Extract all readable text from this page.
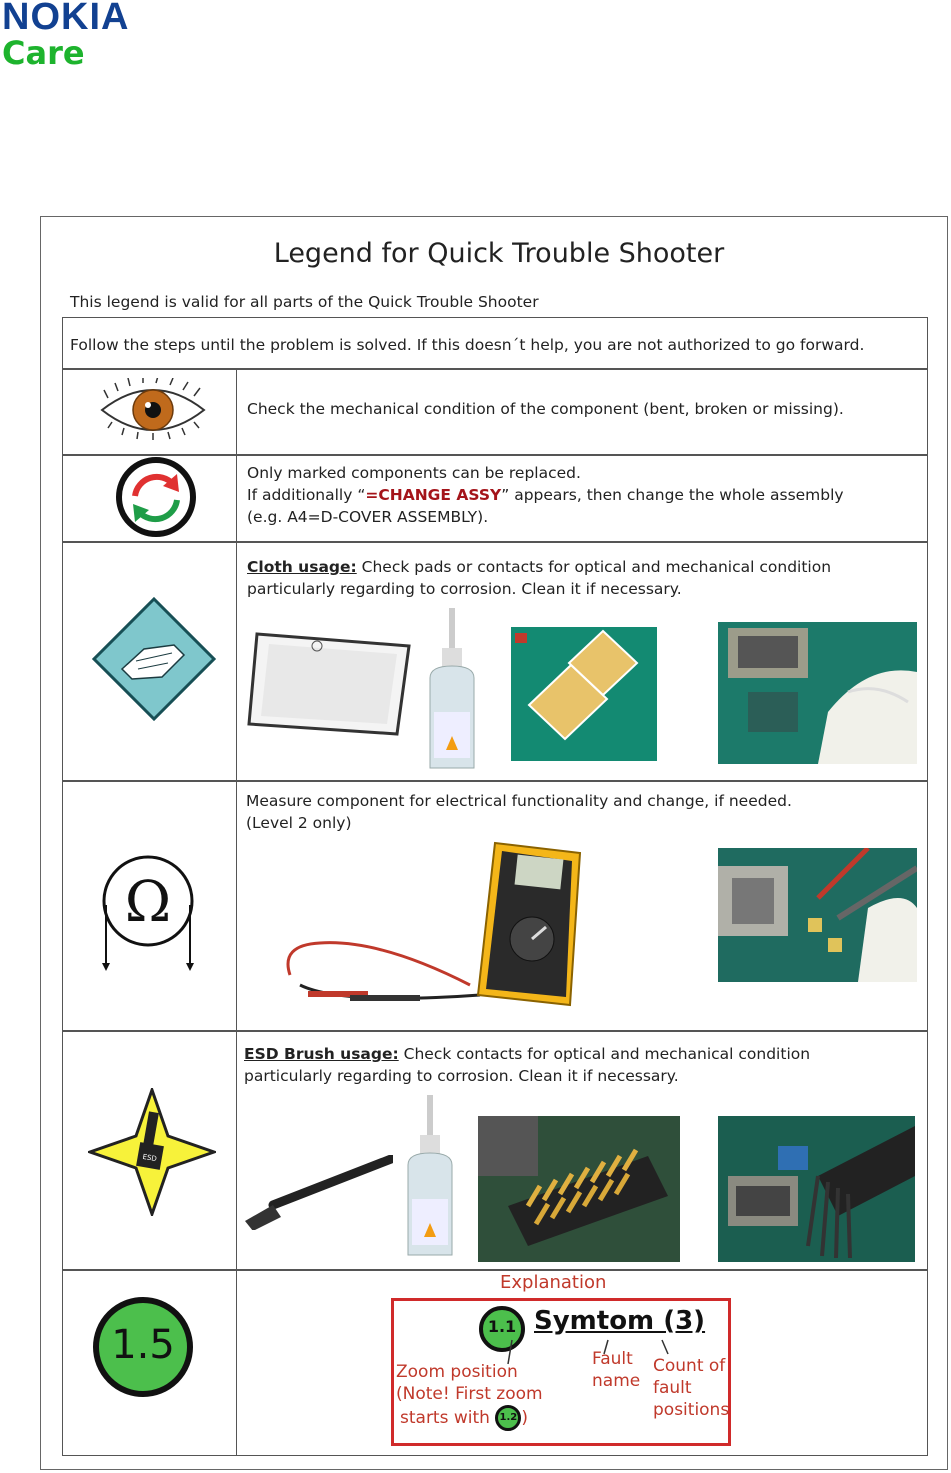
NOKIA
Care
Legend for Quick Trouble Shooter
This legend is valid for all parts of the Quick Trouble Shooter
Follow the steps until the problem is solved. If this doesn´t help, you are not authorized to go forward.
Check the mechanical condition of the component (bent, broken or missing).
Only marked components can be replaced.
If additionally “=CHANGE ASSY” appears, then change the whole assembly
(e.g. A4=D-COVER ASSEMBLY).
Cloth usage: Check pads or contacts for optical and mechanical condition
particularly regarding to corrosion. Clean it if necessary.
Ω
Measure component for electrical functionality and change, if needed.
(Level 2 only)
ESD
ESD Brush usage: Check contacts for optical and mechanical condition
particularly regarding to corrosion. Clean it if necessary.
1.5
Explanation
1.1 Symtom (3)
Zoom position
(Note! First zoom
starts with 1.2 )
Fault
name
Count of
fault
positions
